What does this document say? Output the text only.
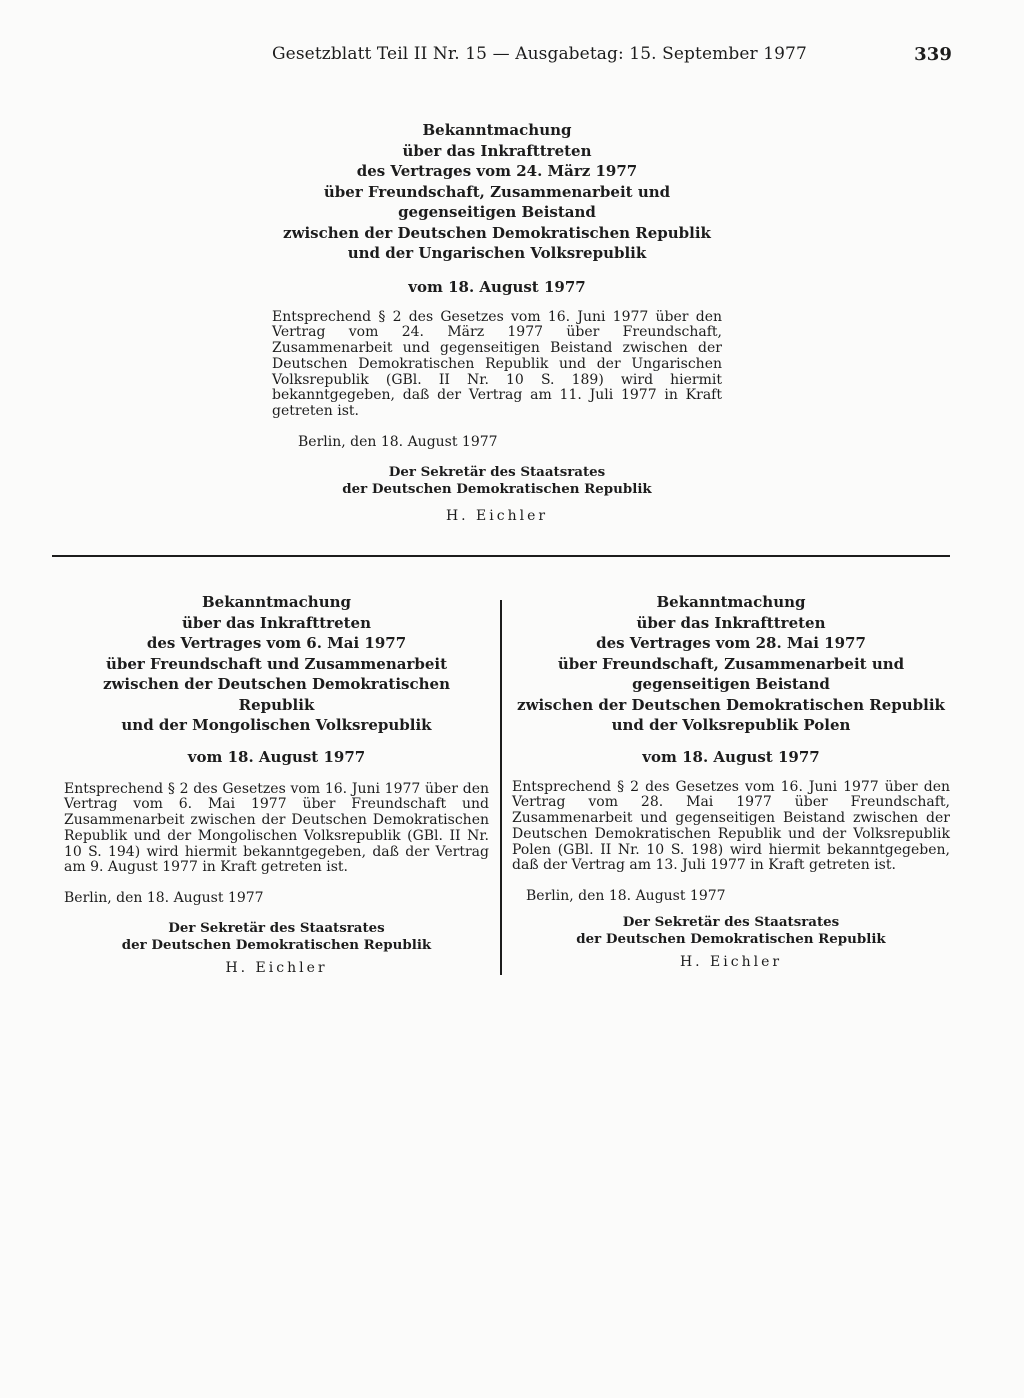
Gesetzblatt Teil II Nr. 15 — Ausgabetag: 15. September 1977	339
Bekanntmachung
über das Inkrafttreten
des Vertrages vom 24. März 1977
über Freundschaft, Zusammenarbeit und
gegenseitigen Beistand
zwischen der Deutschen Demokratischen Republik
und der Ungarischen Volksrepublik

vom 18. August 1977

Entsprechend § 2 des Gesetzes vom 16. Juni 1977 über den Vertrag vom 24. März 1977 über Freundschaft, Zusammenarbeit und gegenseitigen Beistand zwischen der Deutschen Demokratischen Republik und der Ungarischen Volksrepublik (GBl. II Nr. 10 S. 189) wird hiermit bekanntgegeben, daß der Vertrag am 11. Juli 1977 in Kraft getreten ist.

Berlin, den 18. August 1977

Der Sekretär des Staatsrates
der Deutschen Demokratischen Republik

H. Eichler

Bekanntmachung
über das Inkrafttreten
des Vertrages vom 6. Mai 1977
über Freundschaft und Zusammenarbeit
zwischen der Deutschen Demokratischen Republik
und der Mongolischen Volksrepublik

vom 18. August 1977

Entsprechend § 2 des Gesetzes vom 16. Juni 1977 über den Vertrag vom 6. Mai 1977 über Freundschaft und Zusammenarbeit zwischen der Deutschen Demokratischen Republik und der Mongolischen Volksrepublik (GBl. II Nr. 10 S. 194) wird hiermit bekanntgegeben, daß der Vertrag am 9. August 1977 in Kraft getreten ist.

Berlin, den 18. August 1977

Der Sekretär des Staatsrates
der Deutschen Demokratischen Republik

H. Eichler

Bekanntmachung
über das Inkrafttreten
des Vertrages vom 28. Mai 1977
über Freundschaft, Zusammenarbeit und
gegenseitigen Beistand
zwischen der Deutschen Demokratischen Republik
und der Volksrepublik Polen

vom 18. August 1977

Entsprechend § 2 des Gesetzes vom 16. Juni 1977 über den Vertrag vom 28. Mai 1977 über Freundschaft, Zusammenarbeit und gegenseitigen Beistand zwischen der Deutschen Demokratischen Republik und der Volksrepublik Polen (GBl. II Nr. 10 S. 198) wird hiermit bekanntgegeben, daß der Vertrag am 13. Juli 1977 in Kraft getreten ist.

Berlin, den 18. August 1977

Der Sekretär des Staatsrates
der Deutschen Demokratischen Republik

H. Eichler
